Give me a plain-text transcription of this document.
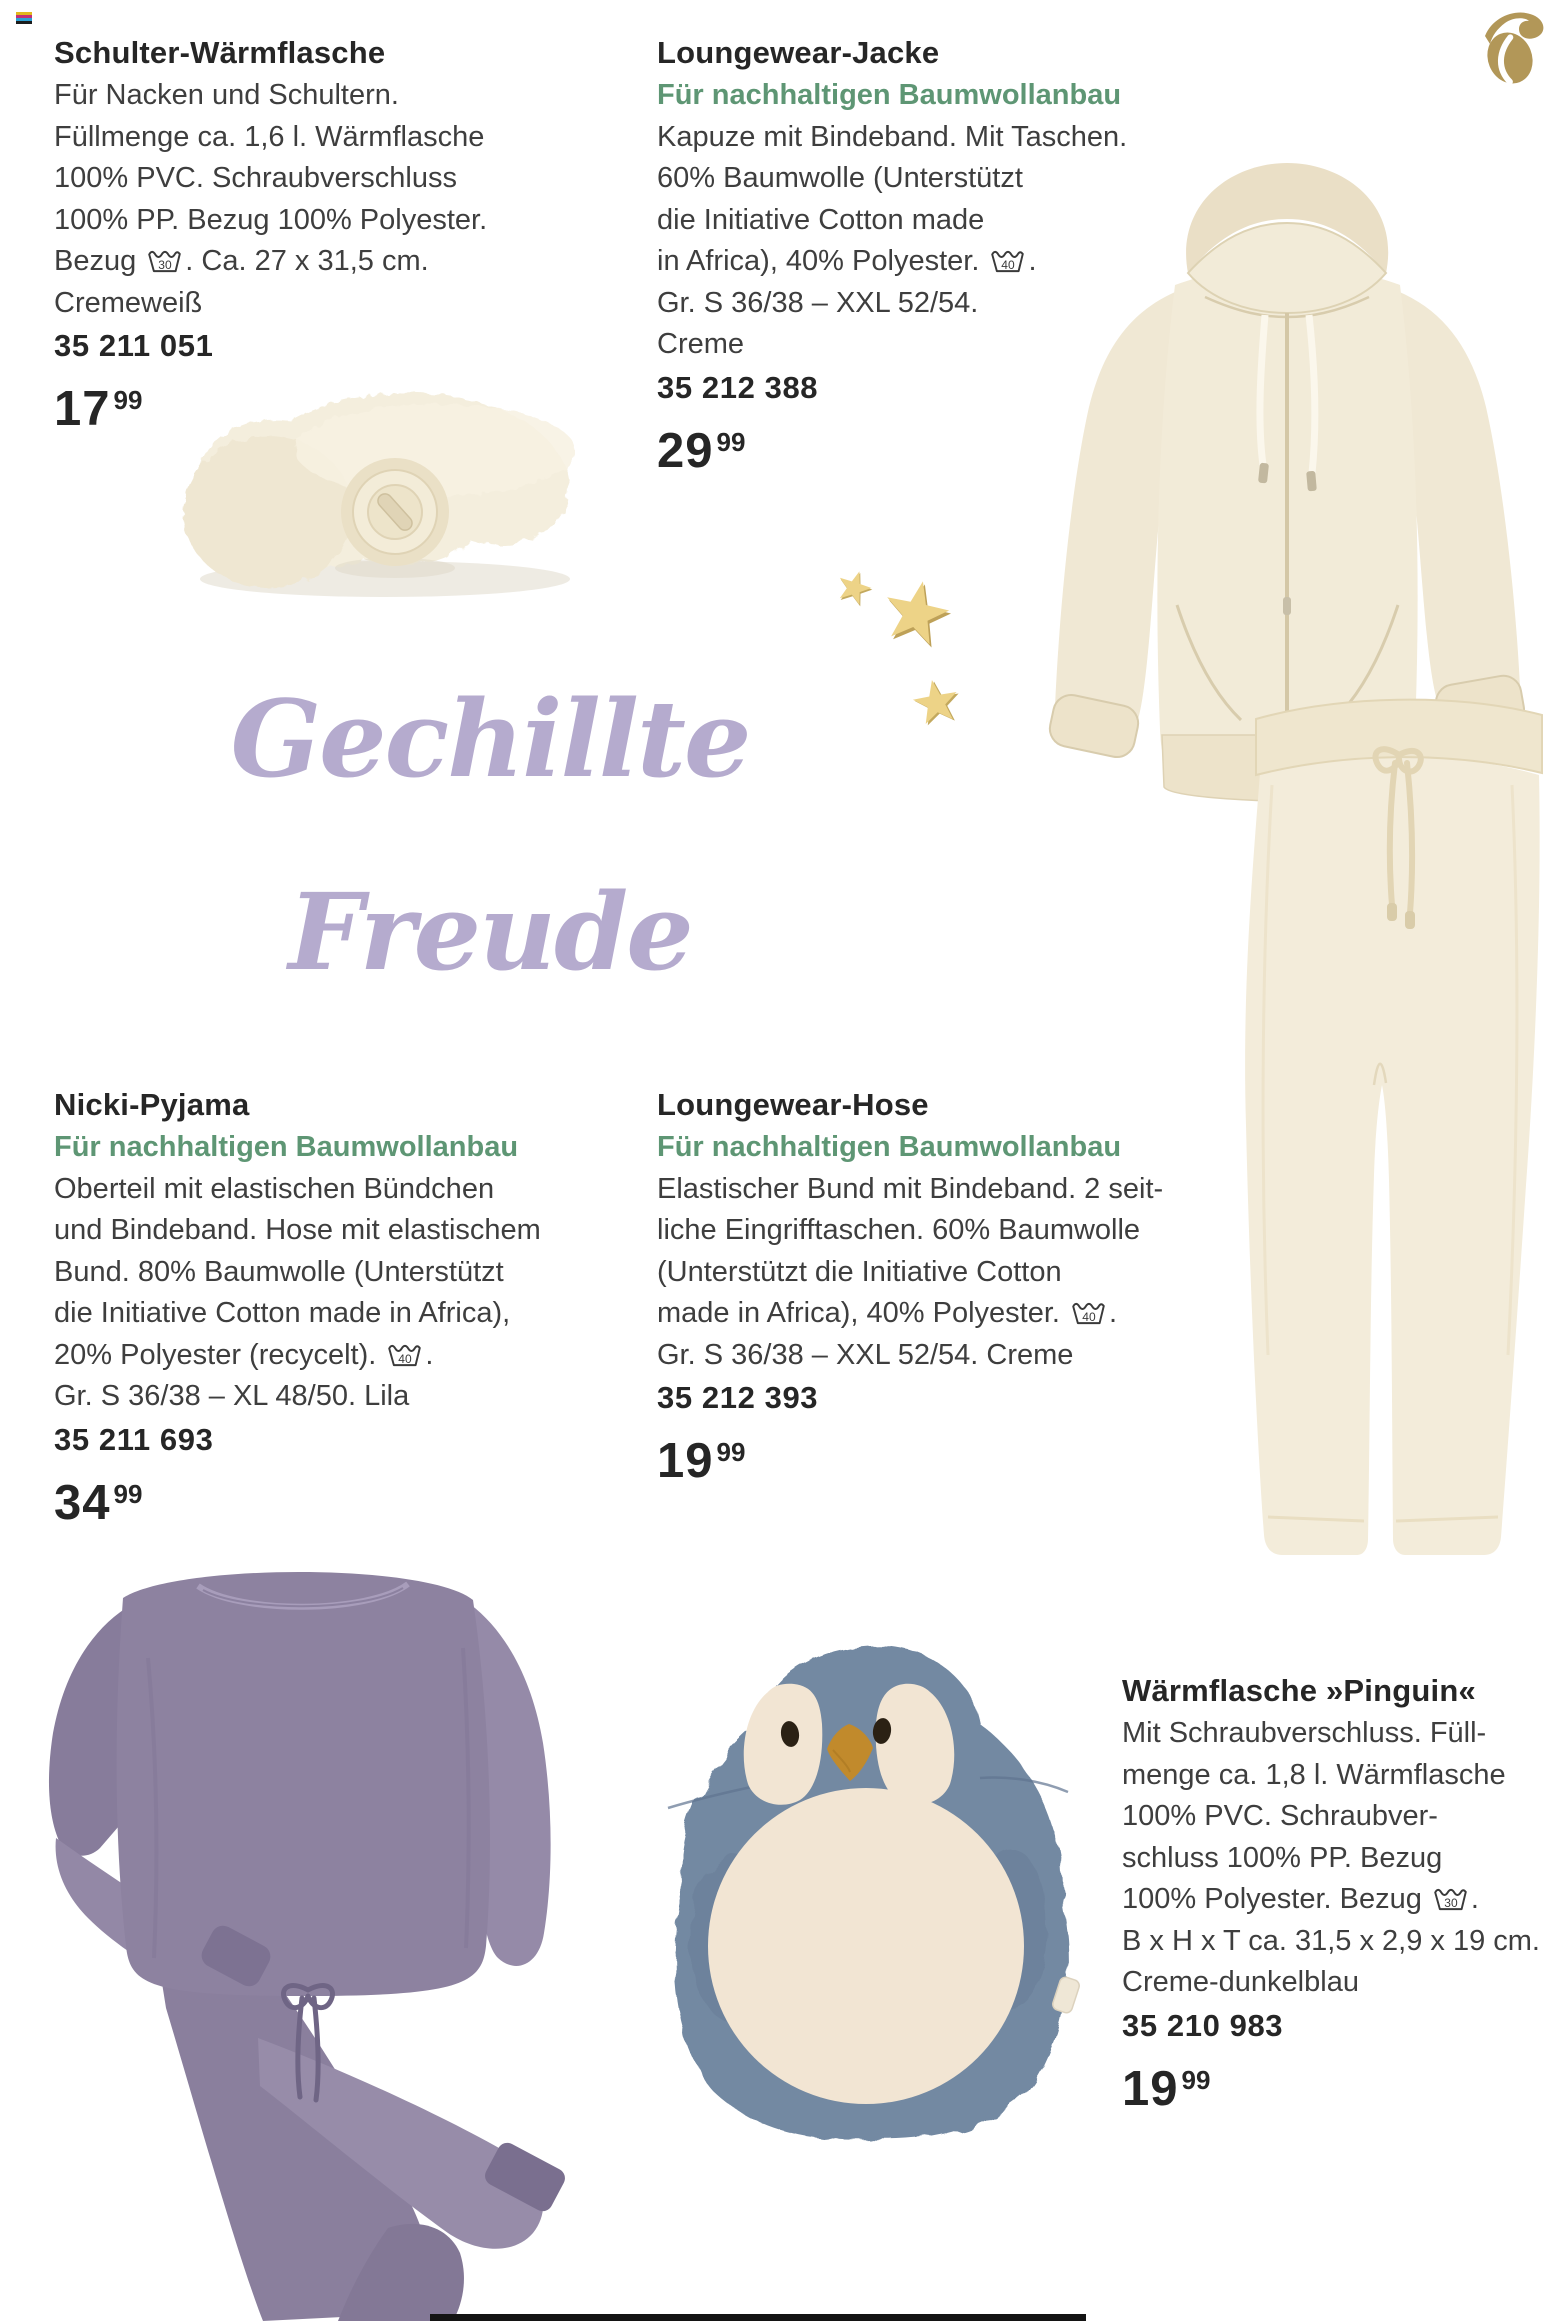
Gechillte
Freude
Schulter-Wärmflasche
Für Nacken und Schultern.
Füllmenge ca. 1,6 l. Wärmflasche
100% PVC. Schraubverschluss
100% PP. Bezug 100% Polyester.
Bezug 30 . Ca. 27 x 31,5 cm.
Cremeweiß
35 211 051
17 99
Loungewear-Jacke
Für nachhaltigen Baumwollanbau
Kapuze mit Bindeband. Mit Taschen.
60% Baumwolle (Unterstützt
die Initiative Cotton made
in Africa), 40% Polyester. 40 .
Gr. S 36/38 – XXL 52/54.
Creme
35 212 388
29 99
Nicki-Pyjama
Für nachhaltigen Baumwollanbau
Oberteil mit elastischen Bündchen
und Bindeband. Hose mit elastischem
Bund. 80% Baumwolle (Unterstützt
die Initiative Cotton made in Africa),
20% Polyester (recycelt). 40 .
Gr. S 36/38 – XL 48/50. Lila
35 211 693
34 99
Loungewear-Hose
Für nachhaltigen Baumwollanbau
Elastischer Bund mit Bindeband. 2 seit-
liche Eingrifftaschen. 60% Baumwolle
(Unterstützt die Initiative Cotton
made in Africa), 40% Polyester. 40 .
Gr. S 36/38 – XXL 52/54. Creme
35 212 393
19 99
Wärmflasche »Pinguin«
Mit Schraubverschluss. Füll-
menge ca. 1,8 l. Wärmflasche
100% PVC. Schraubver-
schluss 100% PP. Bezug
100% Polyester. Bezug 30 .
B x H x T ca. 31,5 x 2,9 x 19 cm.
Creme-dunkelblau
35 210 983
19 99
